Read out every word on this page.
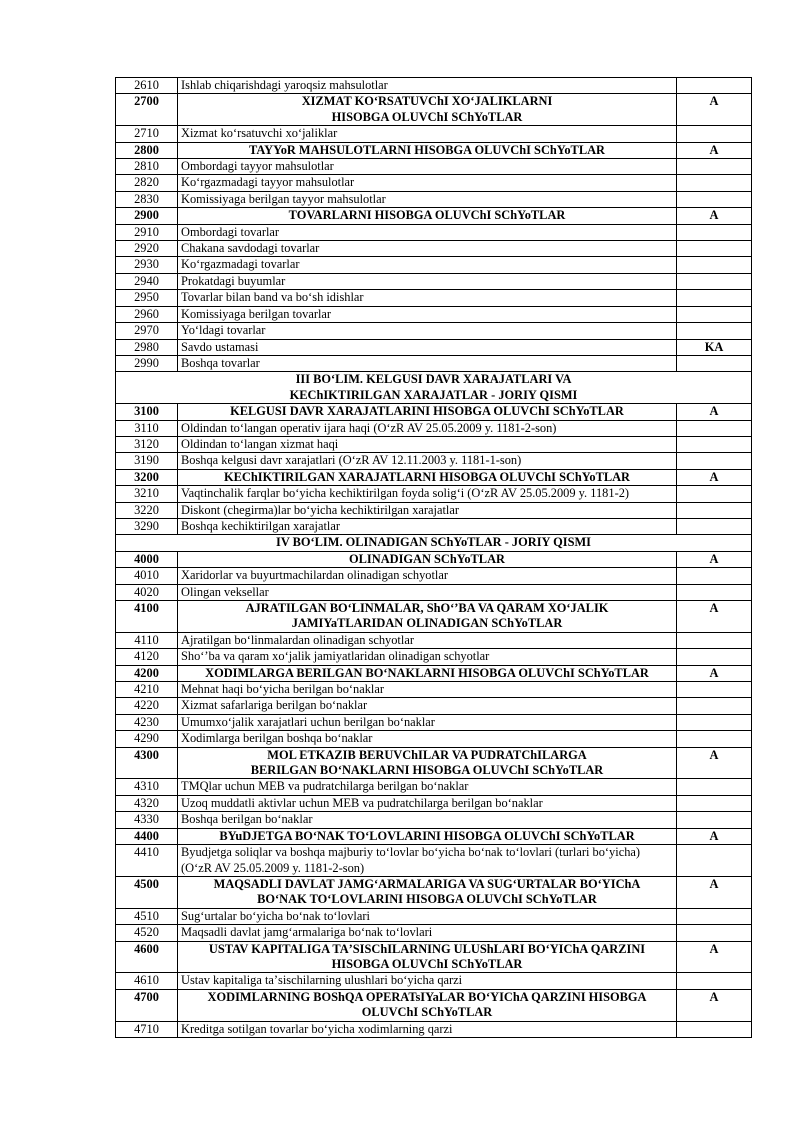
2610	Ishlab chiqarishdagi yaroqsiz mahsulotlar	
2700	XIZMAT KOʻRSATUVChI XOʻJALIKLARNI
HISOBGA OLUVChI SChYoTLAR	A
2710	Xizmat koʻrsatuvchi xoʻjaliklar	
2800	TAYYoR MAHSULOTLARNI HISOBGA OLUVChI SChYoTLAR	A
2810	Ombordagi tayyor mahsulotlar	
2820	Koʻrgazmadagi tayyor mahsulotlar	
2830	Komissiyaga berilgan tayyor mahsulotlar	
2900	TOVARLARNI HISOBGA OLUVChI SChYoTLAR	A
2910	Ombordagi tovarlar	
2920	Chakana savdodagi tovarlar	
2930	Koʻrgazmadagi tovarlar	
2940	Prokatdagi buyumlar	
2950	Tovarlar bilan band va boʻsh idishlar	
2960	Komissiyaga berilgan tovarlar	
2970	Yoʻldagi tovarlar	
2980	Savdo ustamasi	KA
2990	Boshqa tovarlar	

III BOʻLIM. KELGUSI DAVR XARAJATLARI VA
KEChIKTIRILGAN XARAJATLAR - JORIY QISMI		

3100	KELGUSI DAVR XARAJATLARINI HISOBGA OLUVChI SChYoTLAR	A
3110	Oldindan toʻlangan operativ ijara haqi (OʻzR AV 25.05.2009 y. 1181-2-son)	
3120	Oldindan toʻlangan xizmat haqi	
3190	Boshqa kelgusi davr xarajatlari (OʻzR AV 12.11.2003 y. 1181-1-son)	
3200	KEChIKTIRILGAN XARAJATLARNI HISOBGA OLUVChI SChYoTLAR	A
3210	Vaqtinchalik farqlar boʻyicha kechiktirilgan foyda soligʻi (OʻzR AV 25.05.2009 y. 1181-2)	
3220	Diskont (chegirma)lar boʻyicha kechiktirilgan xarajatlar	
3290	Boshqa kechiktirilgan xarajatlar	

IV BOʻLIM. OLINADIGAN SChYoTLAR - JORIY QISMI		

4000	OLINADIGAN SChYoTLAR	A
4010	Xaridorlar va buyurtmachilardan olinadigan schyotlar	
4020	Olingan veksellar	
4100	AJRATILGAN BOʻLINMALAR, ShOʻʼBA VA QARAM XOʻJALIK
JAMIYaTLARIDAN OLINADIGAN SChYoTLAR	A
4110	Ajratilgan boʻlinmalardan olinadigan schyotlar	
4120	Shoʻʼba va qaram xoʻjalik jamiyatlaridan olinadigan schyotlar	
4200	XODIMLARGA BERILGAN BOʻNAKLARNI HISOBGA OLUVChI SChYoTLAR	A
4210	Mehnat haqi boʻyicha berilgan boʻnaklar	
4220	Xizmat safarlariga berilgan boʻnaklar	
4230	Umumxoʻjalik xarajatlari uchun berilgan boʻnaklar	
4290	Xodimlarga berilgan boshqa boʻnaklar	
4300	MOL ETKAZIB BERUVChILAR VA PUDRATChILARGA
BERILGAN BOʻNAKLARNI HISOBGA OLUVChI SChYoTLAR	A
4310	TMQlar uchun MEB va pudratchilarga berilgan boʻnaklar	
4320	Uzoq muddatli aktivlar uchun MEB va pudratchilarga berilgan boʻnaklar	
4330	Boshqa berilgan boʻnaklar	
4400	BYuDJETGA BOʻNAK TOʻLOVLARINI HISOBGA OLUVChI SChYoTLAR	A
4410	Byudjetga soliqlar va boshqa majburiy toʻlovlar boʻyicha boʻnak toʻlovlari (turlari boʻyicha)
(OʻzR AV 25.05.2009 y. 1181-2-son)	

4500	MAQSADLI DAVLAT JAMGʻARMALARIGA VA SUGʻURTALAR BOʻYIChA
BOʻNAK TOʻLOVLARINI HISOBGA OLUVChI SChYoTLAR	A
4510	Sugʻurtalar boʻyicha boʻnak toʻlovlari	
4520	Maqsadli davlat jamgʻarmalariga boʻnak toʻlovlari	
4600	USTAV KAPITALIGA TAʼSISChILARNING ULUShLARI BOʻYIChA QARZINI
HISOBGA OLUVChI SChYoTLAR	A
4610	Ustav kapitaliga taʼsischilarning ulushlari boʻyicha qarzi	
4700	XODIMLARNING BOShQA OPERATsIYaLAR BOʻYIChA QARZINI HISOBGA
OLUVChI SChYoTLAR	A
4710	Kreditga sotilgan tovarlar boʻyicha xodimlarning qarzi	
